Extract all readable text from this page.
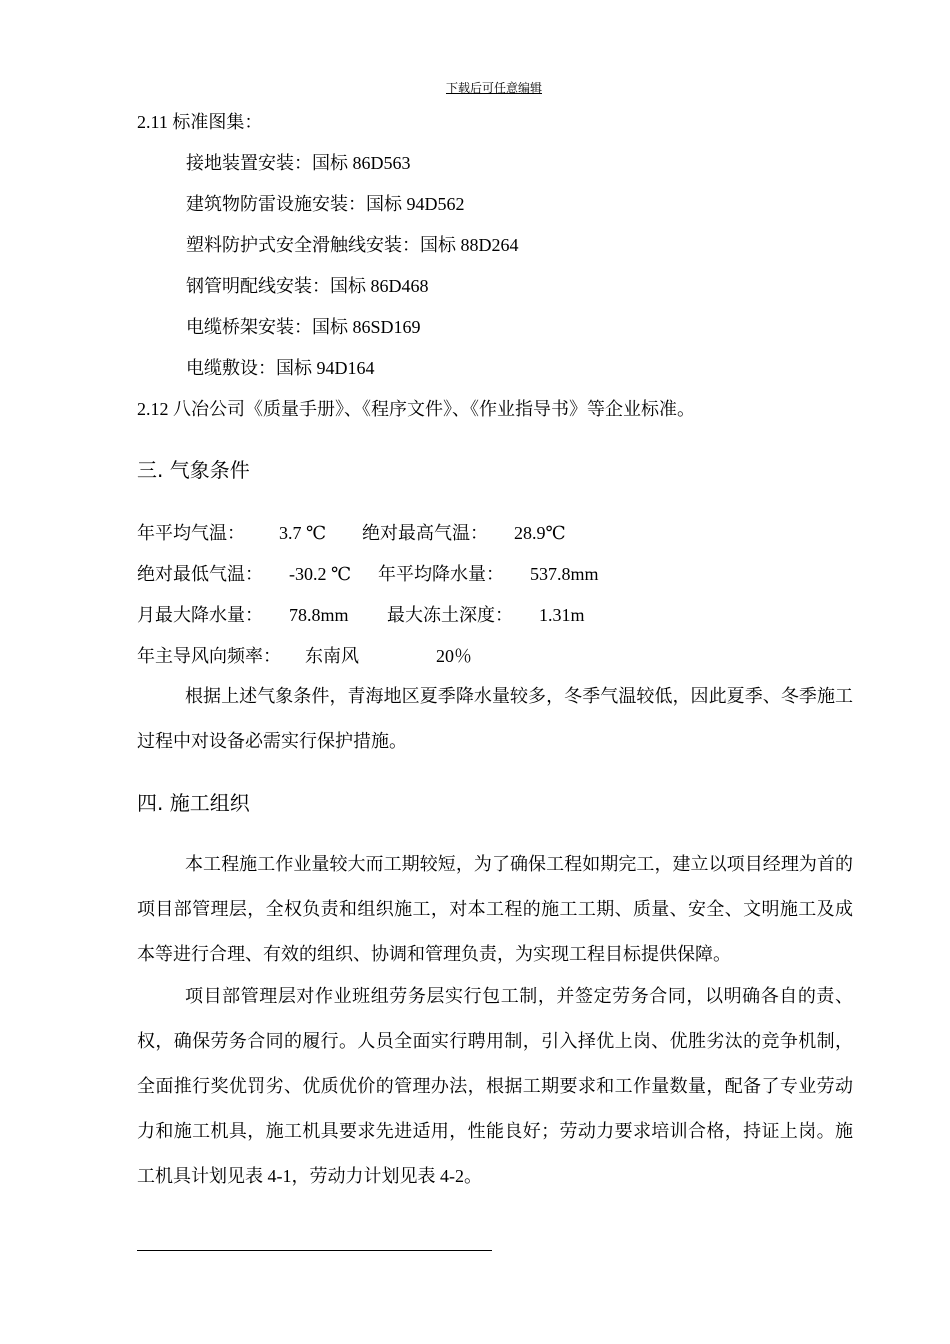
下载后可任意编辑
2.11 标准图集：
接地装置安装：国标 86D563
建筑物防雷设施安装：国标 94D562
塑料防护式安全滑触线安装：国标 88D264
钢管明配线安装：国标 86D468
电缆桥架安装：国标 86SD169
电缆敷设：国标 94D164
2.12 八冶公司《质量手册》、《程序文件》、《作业指导书》等企业标准。
三. 气象条件
年平均气温： 3.7 ℃ 绝对最高气温： 28.9℃
绝对最低气温： -30.2 ℃ 年平均降水量： 537.8mm
月最大降水量： 78.8mm 最大冻土深度： 1.31m
年主导风向频率： 东南风	20％

根据上述气象条件，青海地区夏季降水量较多，冬季气温较低，因此夏季、冬季施工过程中对设备必需实行保护措施。

四. 施工组织

本工程施工作业量较大而工期较短，为了确保工程如期完工，建立以项目经理为首的项目部管理层，全权负责和组织施工，对本工程的施工工期、质量、安全、文明施工及成本等进行合理、有效的组织、协调和管理负责，为实现工程目标提供保障。

项目部管理层对作业班组劳务层实行包工制，并签定劳务合同，以明确各自的责、权，确保劳务合同的履行。人员全面实行聘用制，引入择优上岗、优胜劣汰的竞争机制，全面推行奖优罚劣、优质优价的管理办法，根据工期要求和工作量数量，配备了专业劳动力和施工机具，施工机具要求先进适用，性能良好；劳动力要求培训合格，持证上岗。施工机具计划见表 4-1，劳动力计划见表 4-2。
